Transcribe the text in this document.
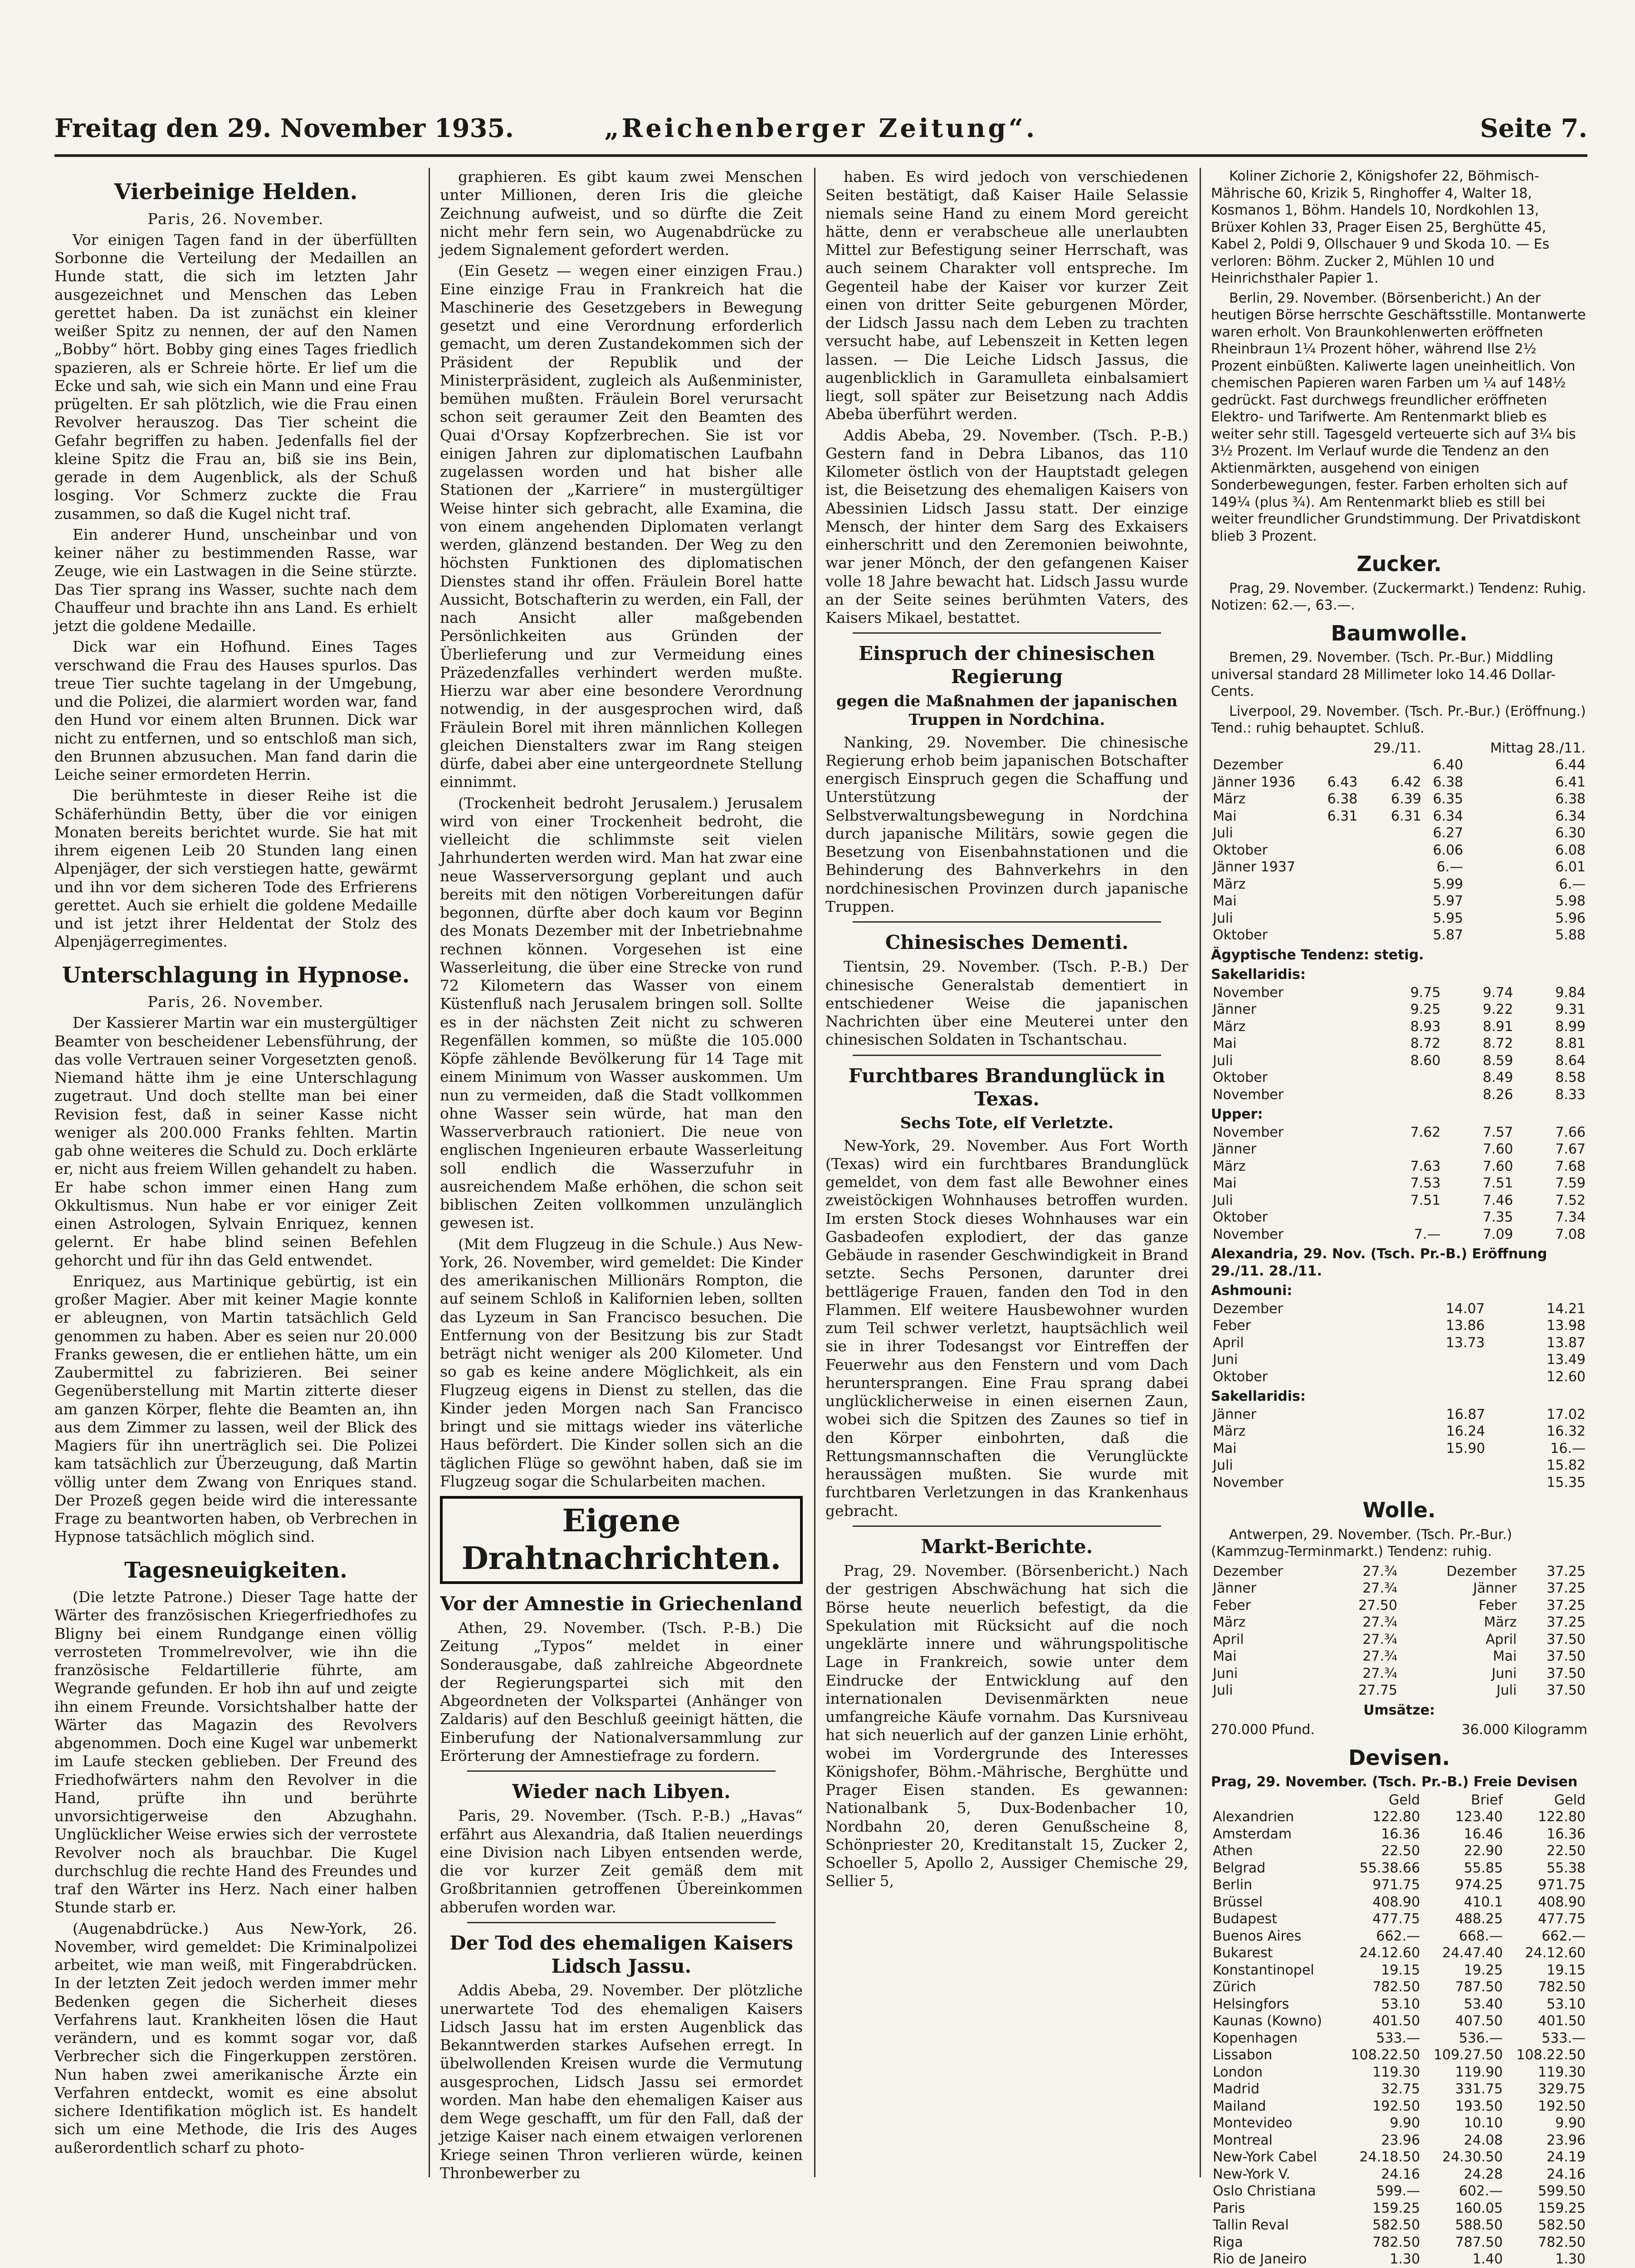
Freitag den 29. November 1935.	„Reichenberger Zeitung“.	Seite 7.
Vierbeinige Helden.
Paris, 26. November.

Vor einigen Tagen fand in der überfüllten Sorbonne die Verteilung der Medaillen an Hunde statt, die sich im letzten Jahr ausgezeichnet und Menschen das Leben gerettet haben. Da ist zunächst ein kleiner weißer Spitz zu nennen, der auf den Namen „Bobby“ hört. Bobby ging eines Tages friedlich spazieren, als er Schreie hörte. Er lief um die Ecke und sah, wie sich ein Mann und eine Frau prügelten. Er sah plötzlich, wie die Frau einen Revolver herauszog. Das Tier scheint die Gefahr begriffen zu haben. Jedenfalls fiel der kleine Spitz die Frau an, biß sie ins Bein, gerade in dem Augenblick, als der Schuß losging. Vor Schmerz zuckte die Frau zusammen, so daß die Kugel nicht traf.

Ein anderer Hund, unscheinbar und von keiner näher zu bestimmenden Rasse, war Zeuge, wie ein Lastwagen in die Seine stürzte. Das Tier sprang ins Wasser, suchte nach dem Chauffeur und brachte ihn ans Land. Es erhielt jetzt die goldene Medaille.

Dick war ein Hofhund. Eines Tages verschwand die Frau des Hauses spurlos. Das treue Tier suchte tagelang in der Umgebung, und die Polizei, die alarmiert worden war, fand den Hund vor einem alten Brunnen. Dick war nicht zu entfernen, und so entschloß man sich, den Brunnen abzusuchen. Man fand darin die Leiche seiner ermordeten Herrin.

Die berühmteste in dieser Reihe ist die Schäferhündin Betty, über die vor einigen Monaten bereits berichtet wurde. Sie hat mit ihrem eigenen Leib 20 Stunden lang einen Alpenjäger, der sich verstiegen hatte, gewärmt und ihn vor dem sicheren Tode des Erfrierens gerettet. Auch sie erhielt die goldene Medaille und ist jetzt ihrer Heldentat der Stolz des Alpenjägerregimentes.

Unterschlagung in Hypnose.
Paris, 26. November.

Der Kassierer Martin war ein mustergültiger Beamter von bescheidener Lebensführung, der das volle Vertrauen seiner Vorgesetzten genoß. Niemand hätte ihm je eine Unterschlagung zugetraut. Und doch stellte man bei einer Revision fest, daß in seiner Kasse nicht weniger als 200.000 Franks fehlten. Martin gab ohne weiteres die Schuld zu. Doch erklärte er, nicht aus freiem Willen gehandelt zu haben. Er habe schon immer einen Hang zum Okkultismus. Nun habe er vor einiger Zeit einen Astrologen, Sylvain Enriquez, kennen gelernt. Er habe blind seinen Befehlen gehorcht und für ihn das Geld entwendet.

Enriquez, aus Martinique gebürtig, ist ein großer Magier. Aber mit keiner Magie konnte er ableugnen, von Martin tatsächlich Geld genommen zu haben. Aber es seien nur 20.000 Franks gewesen, die er entliehen hätte, um ein Zaubermittel zu fabrizieren. Bei seiner Gegenüberstellung mit Martin zitterte dieser am ganzen Körper, flehte die Beamten an, ihn aus dem Zimmer zu lassen, weil der Blick des Magiers für ihn unerträglich sei. Die Polizei kam tatsächlich zur Überzeugung, daß Martin völlig unter dem Zwang von Enriques stand. Der Prozeß gegen beide wird die interessante Frage zu beantworten haben, ob Verbrechen in Hypnose tatsächlich möglich sind.

Tagesneuigkeiten.

(Die letzte Patrone.) Dieser Tage hatte der Wärter des französischen Kriegerfriedhofes zu Bligny bei einem Rundgange einen völlig verrosteten Trommelrevolver, wie ihn die französische Feldartillerie führte, am Wegrande gefunden. Er hob ihn auf und zeigte ihn einem Freunde. Vorsichtshalber hatte der Wärter das Magazin des Revolvers abgenommen. Doch eine Kugel war unbemerkt im Laufe stecken geblieben. Der Freund des Friedhofwärters nahm den Revolver in die Hand, prüfte ihn und berührte unvorsichtigerweise den Abzughahn. Unglücklicher Weise erwies sich der verrostete Revolver noch als brauchbar. Die Kugel durchschlug die rechte Hand des Freundes und traf den Wärter ins Herz. Nach einer halben Stunde starb er.

(Augenabdrücke.) Aus New-York, 26. November, wird gemeldet: Die Kriminalpolizei arbeitet, wie man weiß, mit Fingerabdrücken. In der letzten Zeit jedoch werden immer mehr Bedenken gegen die Sicherheit dieses Verfahrens laut. Krankheiten lösen die Haut verändern, und es kommt sogar vor, daß Verbrecher sich die Fingerkuppen zerstören. Nun haben zwei amerikanische Ärzte ein Verfahren entdeckt, womit es eine absolut sichere Identifikation möglich ist. Es handelt sich um eine Methode, die Iris des Auges außerordentlich scharf zu photo-

graphieren. Es gibt kaum zwei Menschen unter Millionen, deren Iris die gleiche Zeichnung aufweist, und so dürfte die Zeit nicht mehr fern sein, wo Augenabdrücke zu jedem Signalement gefordert werden.

(Ein Gesetz — wegen einer einzigen Frau.) Eine einzige Frau in Frankreich hat die Maschinerie des Gesetzgebers in Bewegung gesetzt und eine Verordnung erforderlich gemacht, um deren Zustandekommen sich der Präsident der Republik und der Ministerpräsident, zugleich als Außenminister, bemühen mußten. Fräulein Borel verursacht schon seit geraumer Zeit den Beamten des Quai d'Orsay Kopfzerbrechen. Sie ist vor einigen Jahren zur diplomatischen Laufbahn zugelassen worden und hat bisher alle Stationen der „Karriere“ in mustergültiger Weise hinter sich gebracht, alle Examina, die von einem angehenden Diplomaten verlangt werden, glänzend bestanden. Der Weg zu den höchsten Funktionen des diplomatischen Dienstes stand ihr offen. Fräulein Borel hatte Aussicht, Botschafterin zu werden, ein Fall, der nach Ansicht aller maßgebenden Persönlichkeiten aus Gründen der Überlieferung und zur Vermeidung eines Präzedenzfalles verhindert werden mußte. Hierzu war aber eine besondere Verordnung notwendig, in der ausgesprochen wird, daß Fräulein Borel mit ihren männlichen Kollegen gleichen Dienstalters zwar im Rang steigen dürfe, dabei aber eine untergeordnete Stellung einnimmt.

(Trockenheit bedroht Jerusalem.) Jerusalem wird von einer Trockenheit bedroht, die vielleicht die schlimmste seit vielen Jahrhunderten werden wird. Man hat zwar eine neue Wasserversorgung geplant und auch bereits mit den nötigen Vorbereitungen dafür begonnen, dürfte aber doch kaum vor Beginn des Monats Dezember mit der Inbetriebnahme rechnen können. Vorgesehen ist eine Wasserleitung, die über eine Strecke von rund 72 Kilometern das Wasser von einem Küstenfluß nach Jerusalem bringen soll. Sollte es in der nächsten Zeit nicht zu schweren Regenfällen kommen, so müßte die 105.000 Köpfe zählende Bevölkerung für 14 Tage mit einem Minimum von Wasser auskommen. Um nun zu vermeiden, daß die Stadt vollkommen ohne Wasser sein würde, hat man den Wasserverbrauch rationiert. Die neue von englischen Ingenieuren erbaute Wasserleitung soll endlich die Wasserzufuhr in ausreichendem Maße erhöhen, die schon seit biblischen Zeiten vollkommen unzulänglich gewesen ist.

(Mit dem Flugzeug in die Schule.) Aus New-York, 26. November, wird gemeldet: Die Kinder des amerikanischen Millionärs Rompton, die auf seinem Schloß in Kalifornien leben, sollten das Lyzeum in San Francisco besuchen. Die Entfernung von der Besitzung bis zur Stadt beträgt nicht weniger als 200 Kilometer. Und so gab es keine andere Möglichkeit, als ein Flugzeug eigens in Dienst zu stellen, das die Kinder jeden Morgen nach San Francisco bringt und sie mittags wieder ins väterliche Haus befördert. Die Kinder sollen sich an die täglichen Flüge so gewöhnt haben, daß sie im Flugzeug sogar die Schularbeiten machen.

Eigene Drahtnachrichten.
Vor der Amnestie in Griechenland

Athen, 29. November. (Tsch. P.-B.) Die Zeitung „Typos“ meldet in einer Sonderausgabe, daß zahlreiche Abgeordnete der Regierungspartei sich mit den Abgeordneten der Volkspartei (Anhänger von Zaldaris) auf den Beschluß geeinigt hätten, die Einberufung der Nationalversammlung zur Erörterung der Amnestiefrage zu fordern.

Wieder nach Libyen.

Paris, 29. November. (Tsch. P.-B.) „Havas“ erfährt aus Alexandria, daß Italien neuerdings eine Division nach Libyen entsenden werde, die vor kurzer Zeit gemäß dem mit Großbritannien getroffenen Übereinkommen abberufen worden war.

Der Tod des ehemaligen Kaisers Lidsch Jassu.

Addis Abeba, 29. November. Der plötzliche unerwartete Tod des ehemaligen Kaisers Lidsch Jassu hat im ersten Augenblick das Bekanntwerden starkes Aufsehen erregt. In übelwollenden Kreisen wurde die Vermutung ausgesprochen, Lidsch Jassu sei ermordet worden. Man habe den ehemaligen Kaiser aus dem Wege geschafft, um für den Fall, daß der jetzige Kaiser nach einem etwaigen verlorenen Kriege seinen Thron verlieren würde, keinen Thronbewerber zu

haben. Es wird jedoch von verschiedenen Seiten bestätigt, daß Kaiser Haile Selassie niemals seine Hand zu einem Mord gereicht hätte, denn er verabscheue alle unerlaubten Mittel zur Befestigung seiner Herrschaft, was auch seinem Charakter voll entspreche. Im Gegenteil habe der Kaiser vor kurzer Zeit einen von dritter Seite geburgenen Mörder, der Lidsch Jassu nach dem Leben zu trachten versucht habe, auf Lebenszeit in Ketten legen lassen. — Die Leiche Lidsch Jassus, die augenblicklich in Garamulleta einbalsamiert liegt, soll später zur Beisetzung nach Addis Abeba überführt werden.

Addis Abeba, 29. November. (Tsch. P.-B.) Gestern fand in Debra Libanos, das 110 Kilometer östlich von der Hauptstadt gelegen ist, die Beisetzung des ehemaligen Kaisers von Abessinien Lidsch Jassu statt. Der einzige Mensch, der hinter dem Sarg des Exkaisers einherschritt und den Zeremonien beiwohnte, war jener Mönch, der den gefangenen Kaiser volle 18 Jahre bewacht hat. Lidsch Jassu wurde an der Seite seines berühmten Vaters, des Kaisers Mikael, bestattet.

Einspruch der chinesischen Regierung
gegen die Maßnahmen der japanischen Truppen in Nordchina.

Nanking, 29. November. Die chinesische Regierung erhob beim japanischen Botschafter energisch Einspruch gegen die Schaffung und Unterstützung der Selbstverwaltungsbewegung in Nordchina durch japanische Militärs, sowie gegen die Besetzung von Eisenbahnstationen und die Behinderung des Bahnverkehrs in den nordchinesischen Provinzen durch japanische Truppen.

Chinesisches Dementi.

Tientsin, 29. November. (Tsch. P.-B.) Der chinesische Generalstab dementiert in entschiedener Weise die japanischen Nachrichten über eine Meuterei unter den chinesischen Soldaten in Tschantschau.

Furchtbares Brandunglück in Texas.
Sechs Tote, elf Verletzte.

New-York, 29. November. Aus Fort Worth (Texas) wird ein furchtbares Brandunglück gemeldet, von dem fast alle Bewohner eines zweistöckigen Wohnhauses betroffen wurden. Im ersten Stock dieses Wohnhauses war ein Gasbadeofen explodiert, der das ganze Gebäude in rasender Geschwindigkeit in Brand setzte. Sechs Personen, darunter drei bettlägerige Frauen, fanden den Tod in den Flammen. Elf weitere Hausbewohner wurden zum Teil schwer verletzt, hauptsächlich weil sie in ihrer Todesangst vor Eintreffen der Feuerwehr aus den Fenstern und vom Dach heruntersprangen. Eine Frau sprang dabei unglücklicherweise in einen eisernen Zaun, wobei sich die Spitzen des Zaunes so tief in den Körper einbohrten, daß die Rettungsmannschaften die Verunglückte heraussägen mußten. Sie wurde mit furchtbaren Verletzungen in das Krankenhaus gebracht.

Markt-Berichte.

Prag, 29. November. (Börsenbericht.) Nach der gestrigen Abschwächung hat sich die Börse heute neuerlich befestigt, da die Spekulation mit Rücksicht auf die noch ungeklärte innere und währungspolitische Lage in Frankreich, sowie unter dem Eindrucke der Entwicklung auf den internationalen Devisenmärkten neue umfangreiche Käufe vornahm. Das Kursniveau hat sich neuerlich auf der ganzen Linie erhöht, wobei im Vordergrunde des Interesses Königshofer, Böhm.-Mährische, Berghütte und Prager Eisen standen. Es gewannen: Nationalbank 5, Dux-Bodenbacher 10, Nordbahn 20, deren Genußscheine 8, Schönpriester 20, Kreditanstalt 15, Zucker 2, Schoeller 5, Apollo 2, Aussiger Chemische 29, Sellier 5,

Koliner Zichorie 2, Königshofer 22, Böhmisch-Mährische 60, Krizik 5, Ringhoffer 4, Walter 18, Kosmanos 1, Böhm. Handels 10, Nordkohlen 13, Brüxer Kohlen 33, Prager Eisen 25, Berghütte 45, Kabel 2, Poldi 9, Ollschauer 9 und Skoda 10. — Es verloren: Böhm. Zucker 2, Mühlen 10 und Heinrichsthaler Papier 1.

Berlin, 29. November. (Börsenbericht.) An der heutigen Börse herrschte Geschäftsstille. Montanwerte waren erholt. Von Braunkohlenwerten eröffneten Rheinbraun 1¼ Prozent höher, während Ilse 2½ Prozent einbüßten. Kaliwerte lagen uneinheitlich. Von chemischen Papieren waren Farben um ¼ auf 148½ gedrückt. Fast durchwegs freundlicher eröffneten Elektro- und Tarifwerte. Am Rentenmarkt blieb es weiter sehr still. Tagesgeld verteuerte sich auf 3¼ bis 3½ Prozent. Im Verlauf wurde die Tendenz an den Aktienmärkten, ausgehend von einigen Sonderbewegungen, fester. Farben erholten sich auf 149¼ (plus ¾). Am Rentenmarkt blieb es still bei weiter freundlicher Grundstimmung. Der Privatdiskont blieb 3 Prozent.

Zucker.

Prag, 29. November. (Zuckermarkt.) Tendenz: Ruhig. Notizen: 62.—, 63.—.

Baumwolle.

Bremen, 29. November. (Tsch. Pr.-Bur.) Middling universal standard 28 Millimeter loko 14.46 Dollar-Cents.

Liverpool, 29. November. (Tsch. Pr.-Bur.) (Eröffnung.) Tend.: ruhig behauptet. Schluß.

		29./11.		Mittag 28./11.
Dezember			6.40	6.44
Jänner 1936	6.43	6.42	6.38	6.41
März	6.38	6.39	6.35	6.38
Mai	6.31	6.31	6.34	6.34
Juli			6.27	6.30
Oktober			6.06	6.08
Jänner 1937			6.—	6.01
März			5.99	6.—
Mai			5.97	5.98
Juli			5.95	5.96
Oktober			5.87	5.88
Ägyptische Tendenz: stetig.
Sakellaridis:
November	9.75	9.74	9.84
Jänner	9.25	9.22	9.31
März	8.93	8.91	8.99
Mai	8.72	8.72	8.81
Juli	8.60	8.59	8.64
Oktober		8.49	8.58
November		8.26	8.33
Upper:
November	7.62	7.57	7.66
Jänner		7.60	7.67
März	7.63	7.60	7.68
Mai	7.53	7.51	7.59
Juli	7.51	7.46	7.52
Oktober		7.35	7.34
November	7.—	7.09	7.08
Alexandria, 29. Nov. (Tsch. Pr.-B.) Eröffnung 29./11. 28./11.
Ashmouni:
Dezember	14.07	14.21
Feber	13.86	13.98
April	13.73	13.87
Juni		13.49
Oktober		12.60
Sakellaridis:
Jänner	16.87	17.02
März	16.24	16.32
Mai	15.90	16.—
Juli		15.82
November		15.35
Wolle.

Antwerpen, 29. November. (Tsch. Pr.-Bur.) (Kammzug-Terminmarkt.) Tendenz: ruhig.

Dezember	27.¾	Dezember	37.25
Jänner	27.¾	Jänner	37.25
Feber	27.50	Feber	37.25
März	27.¾	März	37.25
April	27.¾	April	37.50
Mai	27.¾	Mai	37.50
Juni	27.¾	Juni	37.50
Juli	27.75	Juli	37.50
Umsätze:
270.000 Pfund.	36.000 Kilogramm
Devisen.
Prag, 29. November. (Tsch. Pr.-B.) Freie Devisen
	Geld	Brief	Geld
Alexandrien	122.80	123.40	122.80
Amsterdam	16.36	16.46	16.36
Athen	22.50	22.90	22.50
Belgrad	55.38.66	55.85	55.38
Berlin	971.75	974.25	971.75
Brüssel	408.90	410.1	408.90
Budapest	477.75	488.25	477.75
Buenos Aires	662.—	668.—	662.—
Bukarest	24.12.60	24.47.40	24.12.60
Konstantinopel	19.15	19.25	19.15
Zürich	782.50	787.50	782.50
Helsingfors	53.10	53.40	53.10
Kaunas (Kowno)	401.50	407.50	401.50
Kopenhagen	533.—	536.—	533.—
Lissabon	108.22.50	109.27.50	108.22.50
London	119.30	119.90	119.30
Madrid	32.75	331.75	329.75
Mailand	192.50	193.50	192.50
Montevideo	9.90	10.10	9.90
Montreal	23.96	24.08	23.96
New-York Cabel	24.18.50	24.30.50	24.19
New-York V.	24.16	24.28	24.16
Oslo Christiana	599.—	602.—	599.50
Paris	159.25	160.05	159.25
Tallin Reval	582.50	588.50	582.50
Riga	782.50	787.50	782.50
Rio de Janeiro	1.30	1.40	1.30
